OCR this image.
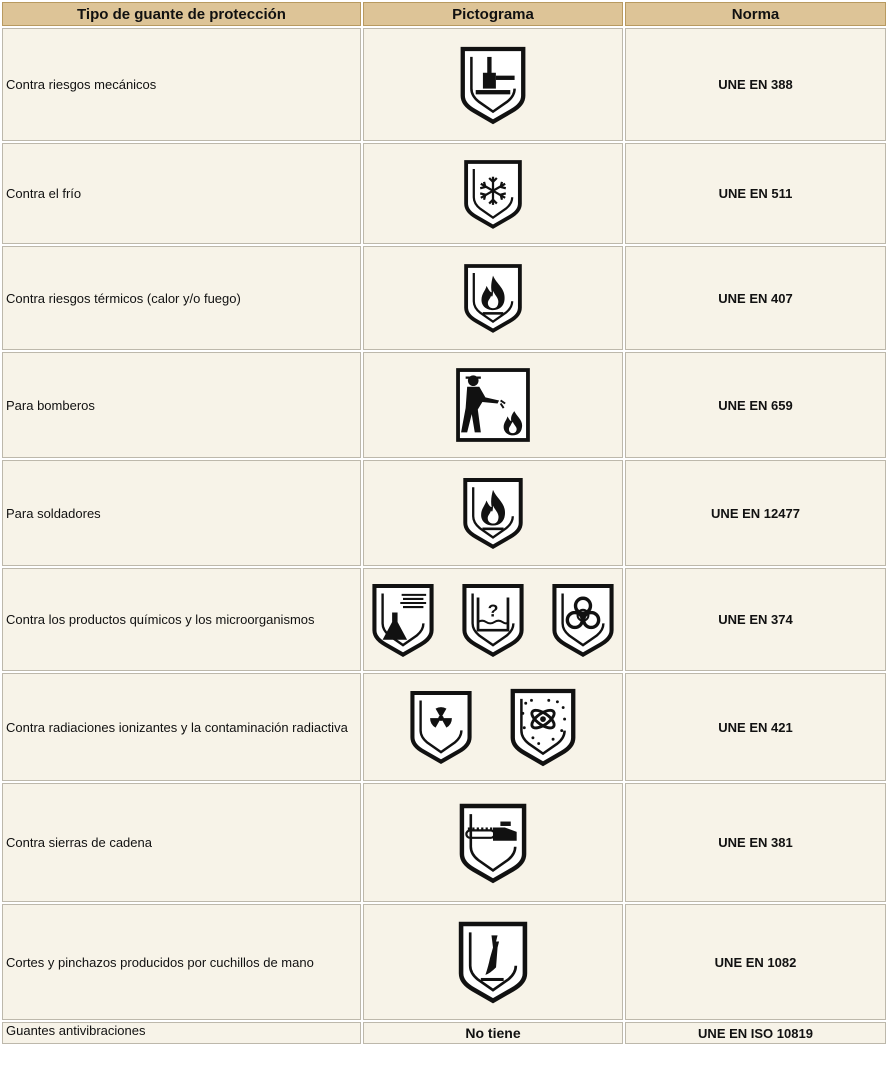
Tipo de guante de protección	Pictograma	Norma
Contra riesgos mecánicos		UNE EN 388
Contra el frío		UNE EN 511
Contra riesgos térmicos (calor y/o fuego)		UNE EN 407
Para bomberos		UNE EN 659
Para soldadores		UNE EN 12477
Contra los productos químicos y los microorganismos	?	UNE EN 374
Contra radiaciones ionizantes y la contaminación radiactiva		UNE EN 421
Contra sierras de cadena		UNE EN 381
Cortes y pinchazos producidos por cuchillos de mano		UNE EN 1082
Guantes antivibraciones	No tiene	UNE EN ISO 10819
